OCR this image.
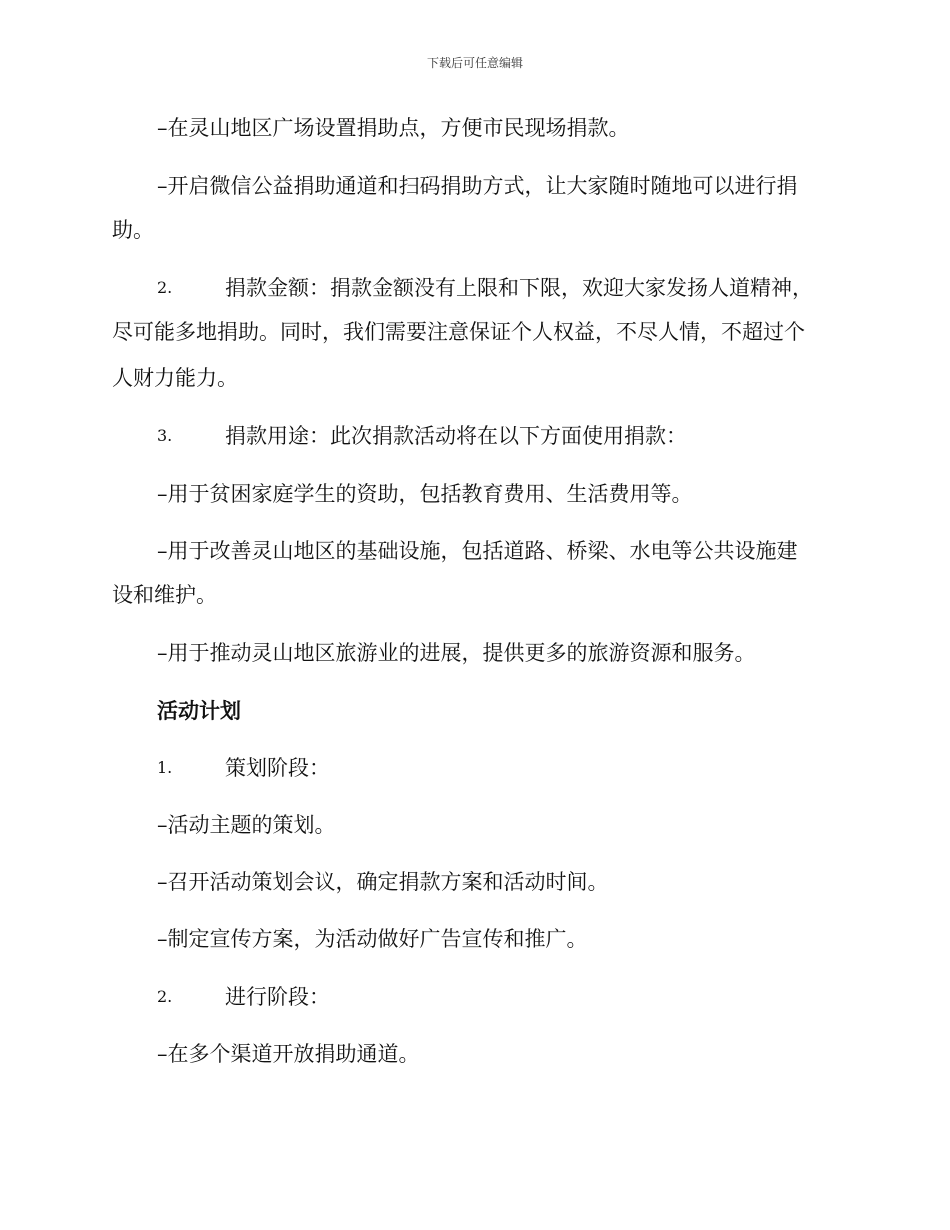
下载后可任意编辑
–在灵山地区广场设置捐助点，方便市民现场捐款。
–开启微信公益捐助通道和扫码捐助方式，让大家随时随地可以进行捐
助。
2.	捐款金额：捐款金额没有上限和下限，欢迎大家发扬人道精神，
尽可能多地捐助。同时，我们需要注意保证个人权益，不尽人情，不超过个
人财力能力。
3.	捐款用途：此次捐款活动将在以下方面使用捐款：
–用于贫困家庭学生的资助，包括教育费用、生活费用等。
–用于改善灵山地区的基础设施，包括道路、桥梁、水电等公共设施建
设和维护。
–用于推动灵山地区旅游业的进展，提供更多的旅游资源和服务。
活动计划
1.	策划阶段：
–活动主题的策划。
–召开活动策划会议，确定捐款方案和活动时间。
–制定宣传方案，为活动做好广告宣传和推广。
2.	进行阶段：
–在多个渠道开放捐助通道。
